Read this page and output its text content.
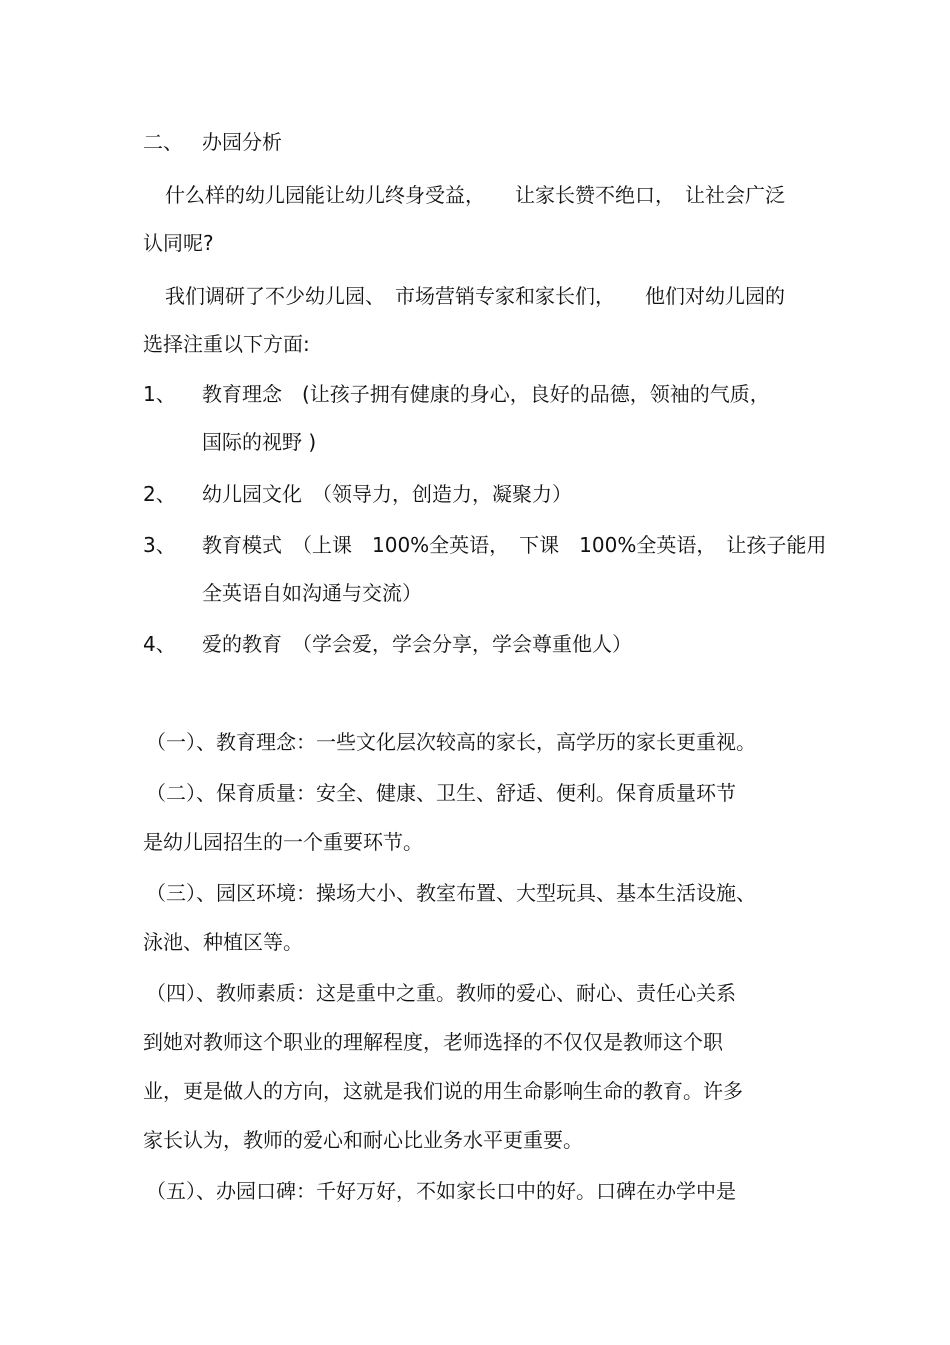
二、 办园分析
什么样的幼儿园能让幼儿终身受益，　　让家长赞不绝口，　让社会广泛
认同呢?
我们调研了不少幼儿园、　市场营销专家和家长们，　　他们对幼儿园的
选择注重以下方面:
1、 教育理念　(让孩子拥有健康的身心，良好的品德，领袖的气质，
国际的视野 )
2、 幼儿园文化　（领导力，创造力，凝聚力）
3、 教育模式　（上课　100%全英语，　下课　100%全英语，　让孩子能用
全英语自如沟通与交流）
4、 爱的教育　（学会爱，学会分享，学会尊重他人）
（一）、教育理念：一些文化层次较高的家长，高学历的家长更重视。
（二）、保育质量：安全、健康、卫生、舒适、便利。保育质量环节
是幼儿园招生的一个重要环节。
（三）、园区环境：操场大小、教室布置、大型玩具、基本生活设施、
泳池、种植区等。
（四）、教师素质：这是重中之重。教师的爱心、耐心、责任心关系
到她对教师这个职业的理解程度，老师选择的不仅仅是教师这个职
业，更是做人的方向，这就是我们说的用生命影响生命的教育。许多
家长认为，教师的爱心和耐心比业务水平更重要。
（五）、办园口碑：千好万好，不如家长口中的好。口碑在办学中是
